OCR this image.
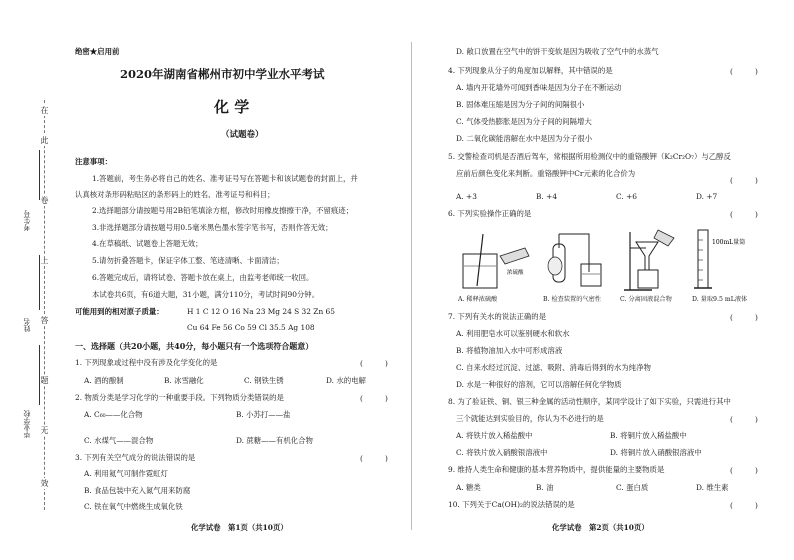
在
此
卷
上
答
题
无
效
考生号
姓名
毕业学校
绝密★启用前
2020年湖南省郴州市初中学业水平考试
化 学
（试题卷）
注意事项：
1.答题前，考生务必将自己的姓名、准考证号写在答题卡和该试题卷的封面上，并
认真核对条形码粘贴区的条形码上的姓名、准考证号和科目；
2.选择题部分请按题号用2B铅笔填涂方框，修改时用橡皮擦擦干净，不留痕迹；
3.非选择题部分请按题号用0.5毫米黑色墨水签字笔书写，否则作答无效；
4.在草稿纸、试题卷上答题无效；
5.请勿折叠答题卡，保证字体工整、笔迹清晰、卡面清洁；
6.答题完成后，请将试卷、答题卡放在桌上，由监考老师统一收回。
本试卷共6页，有6道大题，31小题，满分110分，考试时间90分钟。
可能用到的相对原子质量：	H 1 C 12 O 16 Na 23 Mg 24 S 32 Zn 65
Cu 64 Fe 56 Co 59 Cl 35.5 Ag 108
一、选择题（共20小题，共40分，每小题只有一个选项符合题意）
1. 下列现象或过程中没有涉及化学变化的是	(　　　)
A. 酒的酿制	B. 冰雪融化	C. 钢铁生锈	D. 水的电解
2. 物质分类是学习化学的一种重要手段。下列物质分类错误的是	(　　　)
A. C₆₀——化合物	B. 小苏打——盐
C. 水煤气——混合物	D. 蔗糖——有机化合物
3. 下列有关空气成分的说法错误的是	(　　　)
A. 利用氦气可制作霓虹灯
B. 食品包装中充入氮气用来防腐
C. 铁在氧气中燃烧生成氧化铁
化学试卷　第1页（共10页）
D. 敞口放置在空气中的饼干变软是因为吸收了空气中的水蒸气
4. 下列现象从分子的角度加以解释，其中错误的是	(　　　)
A. 墙内开花墙外可闻到香味是因为分子在不断运动
B. 固体难压缩是因为分子间的间隔很小
C. 气体受热膨胀是因为分子间的间隔增大
D. 二氧化碳能溶解在水中是因为分子很小
5. 交警检查司机是否酒后驾车，常根据所用检测仪中的重铬酸钾（K₂Cr₂O₇）与乙醇反
应前后颜色变化来判断。重铬酸钾中Cr元素的化合价为
(　　　)
A. +3	B. +4	C. +6	D. +7
6. 下列实验操作正确的是	(　　　)
浓硫酸
A. 稀释浓硫酸	B. 检查装置的气密性	C. 分离固液混合物
100mL量筒
D. 量取9.5 mL液体
7. 下列有关水的说法正确的是	(　　　)
A. 利用肥皂水可以鉴别硬水和软水
B. 将植物油加入水中可形成溶液
C. 自来水经过沉淀、过滤、吸附、消毒后得到的水为纯净物
D. 水是一种很好的溶剂，它可以溶解任何化学物质
8. 为了验证铁、铜、银三种金属的活动性顺序，某同学设计了如下实验，只需进行其中
三个就能达到实验目的，你认为不必进行的是	(　　　)
A. 将铁片放入稀盐酸中	B. 将铜片放入稀盐酸中
C. 将铁片放入硝酸银溶液中	D. 将铜片放入硝酸银溶液中
9. 维持人类生命和健康的基本营养物质中，提供能量的主要物质是	(　　　)
A. 糖类	B. 油	C. 蛋白质	D. 维生素
10. 下列关于Ca(OH)₂的说法错误的是	(　　　)
化学试卷　第2页（共10页）
